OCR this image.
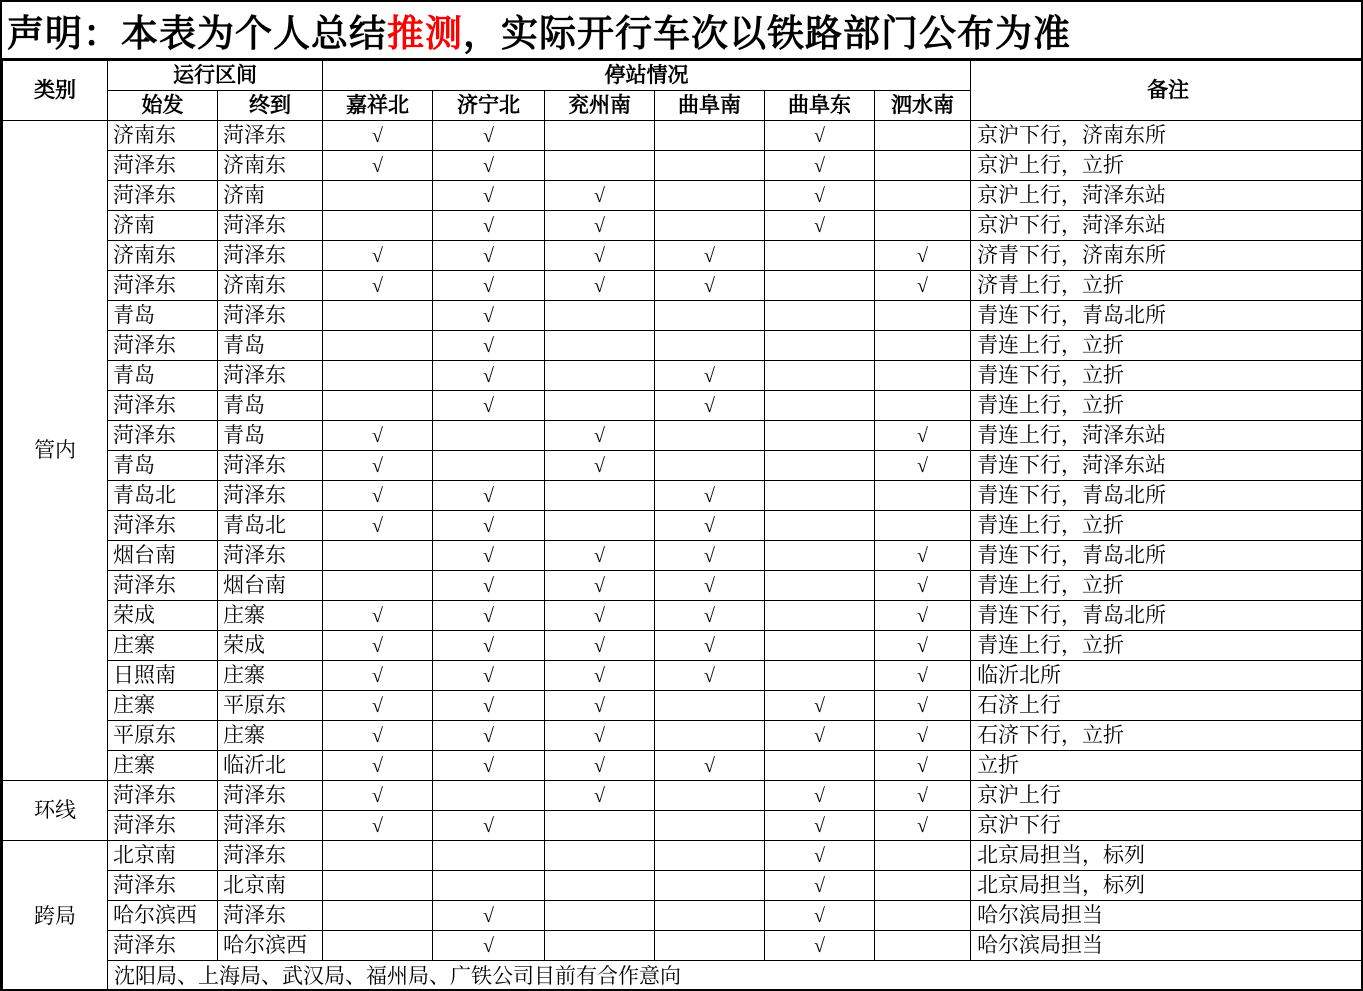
声明：本表为个人总结 推测 ，实际开行车次以铁路部门公布为准
类别	运行区间		停站情况						备注
	始发	终到	嘉祥北	济宁北	兖州南	曲阜南	曲阜东	泗水南	
管内	济南东	菏泽东	√	√			√		京沪下行，济南东所
	菏泽东	济南东	√	√			√		京沪上行，立折
	菏泽东	济南		√	√		√		京沪上行，菏泽东站
	济南	菏泽东		√	√		√		京沪下行，菏泽东站
	济南东	菏泽东	√	√	√	√		√	济青下行，济南东所
	菏泽东	济南东	√	√	√	√		√	济青上行，立折
	青岛	菏泽东		√					青连下行，青岛北所
	菏泽东	青岛		√					青连上行，立折
	青岛	菏泽东		√		√			青连下行，立折
	菏泽东	青岛		√		√			青连上行，立折
	菏泽东	青岛	√		√			√	青连上行，菏泽东站
	青岛	菏泽东	√		√			√	青连下行，菏泽东站
	青岛北	菏泽东	√	√		√			青连下行，青岛北所
	菏泽东	青岛北	√	√		√			青连上行，立折
	烟台南	菏泽东		√	√	√		√	青连下行，青岛北所
	菏泽东	烟台南		√	√	√		√	青连上行，立折
	荣成	庄寨	√	√	√	√		√	青连下行，青岛北所
	庄寨	荣成	√	√	√	√		√	青连上行，立折
	日照南	庄寨	√	√	√	√		√	临沂北所
	庄寨	平原东	√	√	√		√	√	石济上行
	平原东	庄寨	√	√	√		√	√	石济下行，立折
	庄寨	临沂北	√	√	√	√		√	立折
环线	菏泽东	菏泽东	√		√		√	√	京沪上行
	菏泽东	菏泽东	√	√			√	√	京沪下行
跨局	北京南	菏泽东					√		北京局担当，标列
	菏泽东	北京南					√		北京局担当，标列
	哈尔滨西	菏泽东		√			√		哈尔滨局担当
	菏泽东	哈尔滨西		√			√		哈尔滨局担当
	沈阳局、上海局、武汉局、福州局、广铁公司目前有合作意向								
